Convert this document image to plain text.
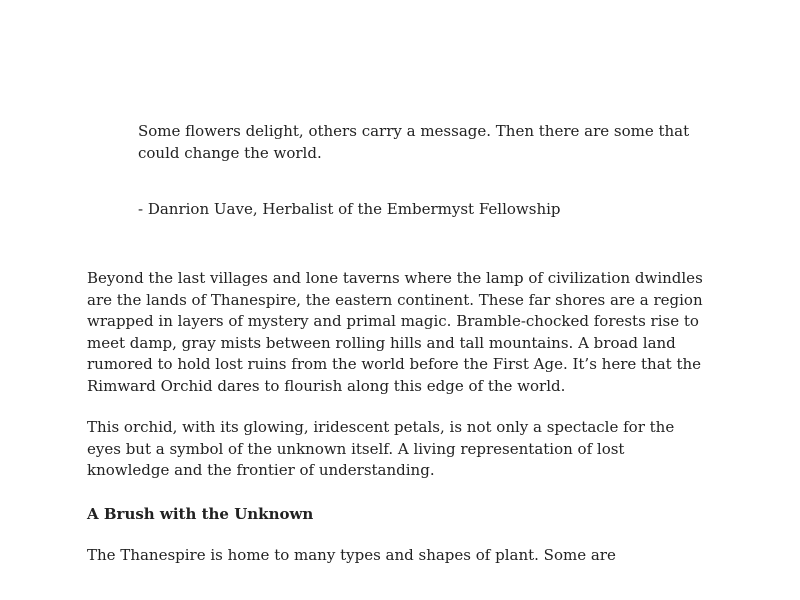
Some flowers delight, others carry a message. Then there are some that could change the world.

- Danrion Uave, Herbalist of the Embermyst Fellowship

Beyond the last villages and lone taverns where the lamp of civilization dwindles are the lands of Thanespire, the eastern continent. These far shores are a region wrapped in layers of mystery and primal magic. Bramble-chocked forests rise to meet damp, gray mists between rolling hills and tall mountains. A broad land rumored to hold lost ruins from the world before the First Age. It’s here that the Rimward Orchid dares to flourish along this edge of the world.

This orchid, with its glowing, iridescent petals, is not only a spectacle for the eyes but a symbol of the unknown itself. A living representation of lost knowledge and the frontier of understanding.

A Brush with the Unknown

The Thanespire is home to many types and shapes of plant. Some are
